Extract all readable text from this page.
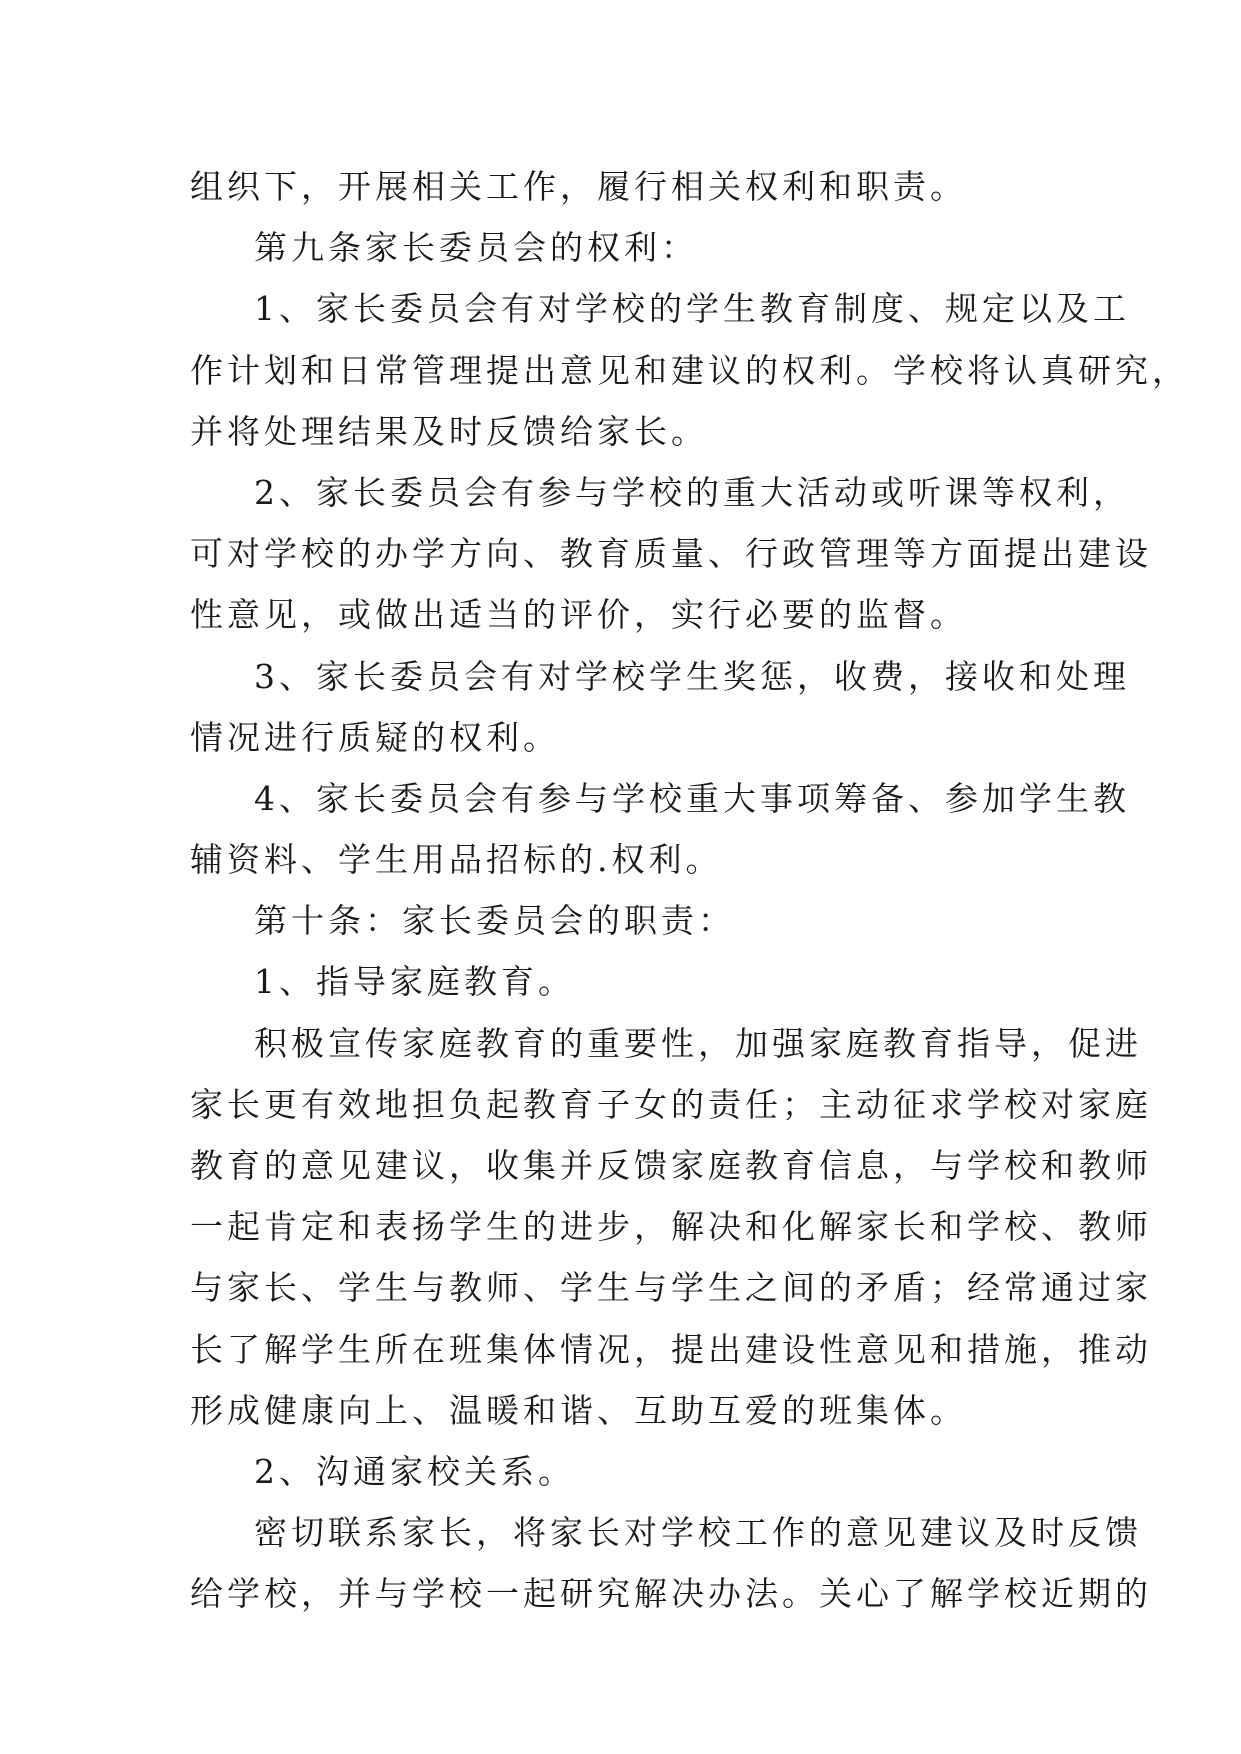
组织下，开展相关工作，履行相关权利和职责。
第九条家长委员会的权利：
1、家长委员会有对学校的学生教育制度、规定以及工
作计划和日常管理提出意见和建议的权利。学校将认真研究，
并将处理结果及时反馈给家长。
2、家长委员会有参与学校的重大活动或听课等权利，
可对学校的办学方向、教育质量、行政管理等方面提出建设
性意见，或做出适当的评价，实行必要的监督。
3、家长委员会有对学校学生奖惩，收费，接收和处理
情况进行质疑的权利。
4、家长委员会有参与学校重大事项筹备、参加学生教
辅资料、学生用品招标的.权利。
第十条：家长委员会的职责：
1、指导家庭教育。
积极宣传家庭教育的重要性，加强家庭教育指导，促进
家长更有效地担负起教育子女的责任；主动征求学校对家庭
教育的意见建议，收集并反馈家庭教育信息，与学校和教师
一起肯定和表扬学生的进步，解决和化解家长和学校、教师
与家长、学生与教师、学生与学生之间的矛盾；经常通过家
长了解学生所在班集体情况，提出建设性意见和措施，推动
形成健康向上、温暖和谐、互助互爱的班集体。
2、沟通家校关系。
密切联系家长，将家长对学校工作的意见建议及时反馈
给学校，并与学校一起研究解决办法。关心了解学校近期的
